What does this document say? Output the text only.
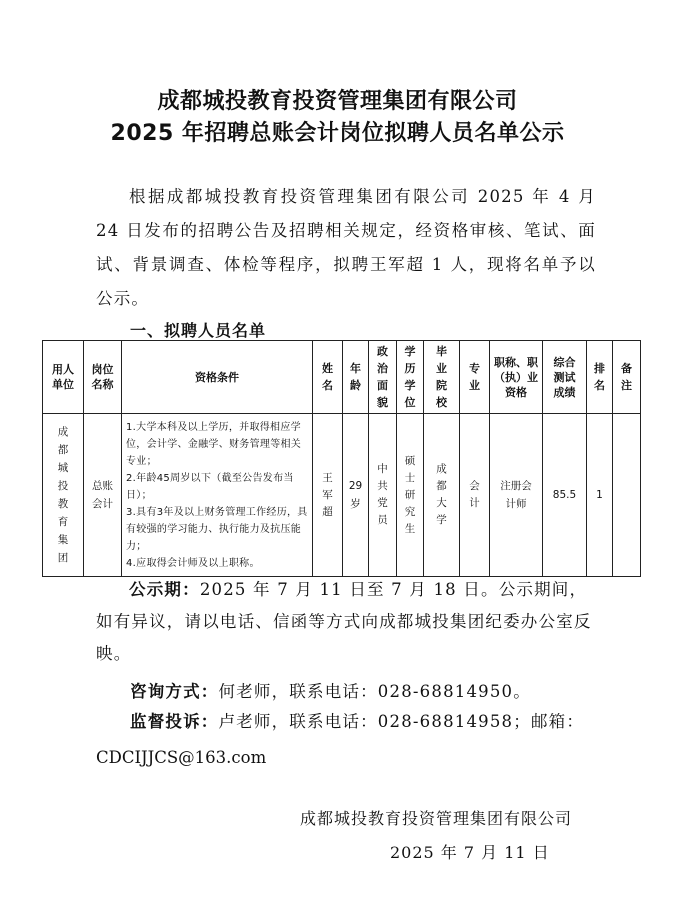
成都城投教育投资管理集团有限公司
2025 年招聘总账会计岗位拟聘人员名单公示
根据成都城投教育投资管理集团有限公司 2025 年 4 月 24 日发布的招聘公告及招聘相关规定，经资格审核、笔试、面试、背景调查、体检等程序，拟聘王军超 1 人，现将名单予以公示。
一、拟聘人员名单
用人单位	岗位名称	资格条件	姓名	年龄	政治面貌	学历学位	毕业院校	专业	职称、职（执）业资格	综合测试成绩	排名	备注

成都城投教育集团	总账会计	1.大学本科及以上学历，并取得相应学位，会计学、金融学、财务管理等相关专业；
2.年龄45周岁以下（截至公告发布当日）；
3.具有3年及以上财务管理工作经历，具有较强的学习能力、执行能力及抗压能力；
4.应取得会计师及以上职称。	王军超	29岁	中共党员	硕士研究生	成都大学	会计	注册会计师	85.5	1	
公示期：2025 年 7 月 11 日至 7 月 18 日。公示期间，如有异议，请以电话、信函等方式向成都城投集团纪委办公室反映。
咨询方式：何老师，联系电话：028-68814950。
监督投诉：卢老师，联系电话：028-68814958；邮箱：
CDCIJJCS@163.com
成都城投教育投资管理集团有限公司
2025 年 7 月 11 日
